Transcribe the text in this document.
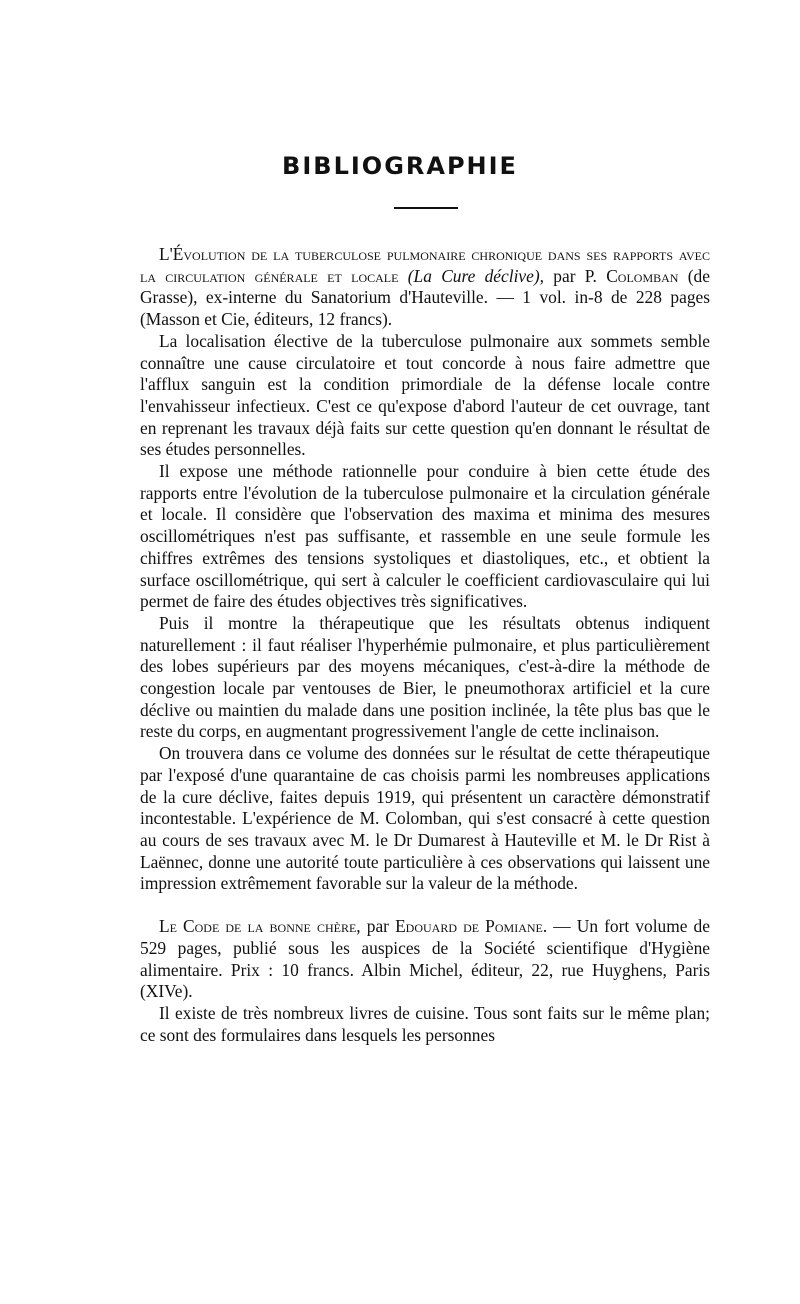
BIBLIOGRAPHIE

L'Évolution de la tuberculose pulmonaire chronique dans ses rapports avec la circulation générale et locale (La Cure déclive), par P. Colomban (de Grasse), ex-interne du Sanatorium d'Hauteville. — 1 vol. in-8 de 228 pages (Masson et Cie, éditeurs, 12 francs).

La localisation élective de la tuberculose pulmonaire aux sommets semble connaître une cause circulatoire et tout concorde à nous faire admettre que l'afflux sanguin est la condition primordiale de la défense locale contre l'envahisseur infectieux. C'est ce qu'expose d'abord l'auteur de cet ouvrage, tant en reprenant les travaux déjà faits sur cette question qu'en donnant le résultat de ses études personnelles.

Il expose une méthode rationnelle pour conduire à bien cette étude des rapports entre l'évolution de la tuberculose pulmonaire et la circulation générale et locale. Il considère que l'observation des maxima et minima des mesures oscillométriques n'est pas suffisante, et rassemble en une seule formule les chiffres extrêmes des tensions systoliques et diastoliques, etc., et obtient la surface oscillométrique, qui sert à calculer le coefficient cardiovasculaire qui lui permet de faire des études objectives très significatives.

Puis il montre la thérapeutique que les résultats obtenus indiquent naturellement : il faut réaliser l'hyperhémie pulmonaire, et plus particulièrement des lobes supérieurs par des moyens mécaniques, c'est-à-dire la méthode de congestion locale par ventouses de Bier, le pneumothorax artificiel et la cure déclive ou maintien du malade dans une position inclinée, la tête plus bas que le reste du corps, en augmentant progressivement l'angle de cette inclinaison.

On trouvera dans ce volume des données sur le résultat de cette thérapeutique par l'exposé d'une quarantaine de cas choisis parmi les nombreuses applications de la cure déclive, faites depuis 1919, qui présentent un caractère démonstratif incontestable. L'expérience de M. Colomban, qui s'est consacré à cette question au cours de ses travaux avec M. le Dr Dumarest à Hauteville et M. le Dr Rist à Laënnec, donne une autorité toute particulière à ces observations qui laissent une impression extrêmement favorable sur la valeur de la méthode.

Le Code de la bonne chère, par Edouard de Pomiane. — Un fort volume de 529 pages, publié sous les auspices de la Société scientifique d'Hygiène alimentaire. Prix : 10 francs. Albin Michel, éditeur, 22, rue Huyghens, Paris (XIVe).

Il existe de très nombreux livres de cuisine. Tous sont faits sur le même plan; ce sont des formulaires dans lesquels les personnes
